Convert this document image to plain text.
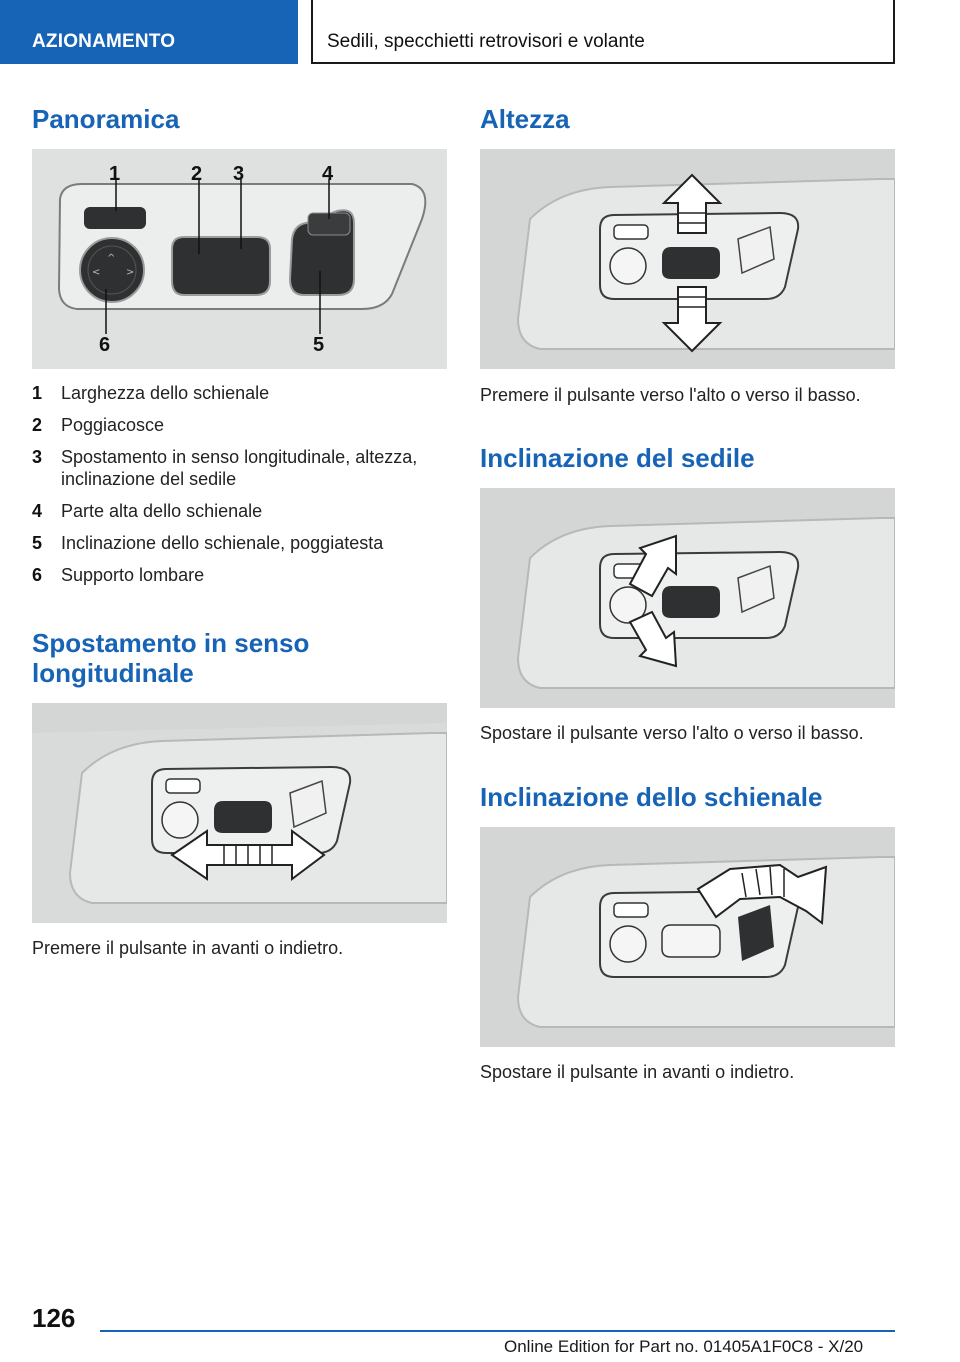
AZIONAMENTO	Sedili, specchietti retrovisori e volante
Panoramica
^
<	>
1	2 3	4
5
6
1 Larghezza dello schienale
2 Poggiacosce
3 Spostamento in senso longitudinale, altezza, inclinazione del sedile
4 Parte alta dello schienale
5 Inclinazione dello schienale, poggiatesta
6 Supporto lombare
Spostamento in senso
longitudinale
Premere il pulsante in avanti o indietro.
Altezza
Premere il pulsante verso l'alto o verso il basso.
Inclinazione del sedile
Spostare il pulsante verso l'alto o verso il basso.
Inclinazione dello schienale
Spostare il pulsante in avanti o indietro.
126
Online Edition for Part no. 01405A1F0C8 - X/20
